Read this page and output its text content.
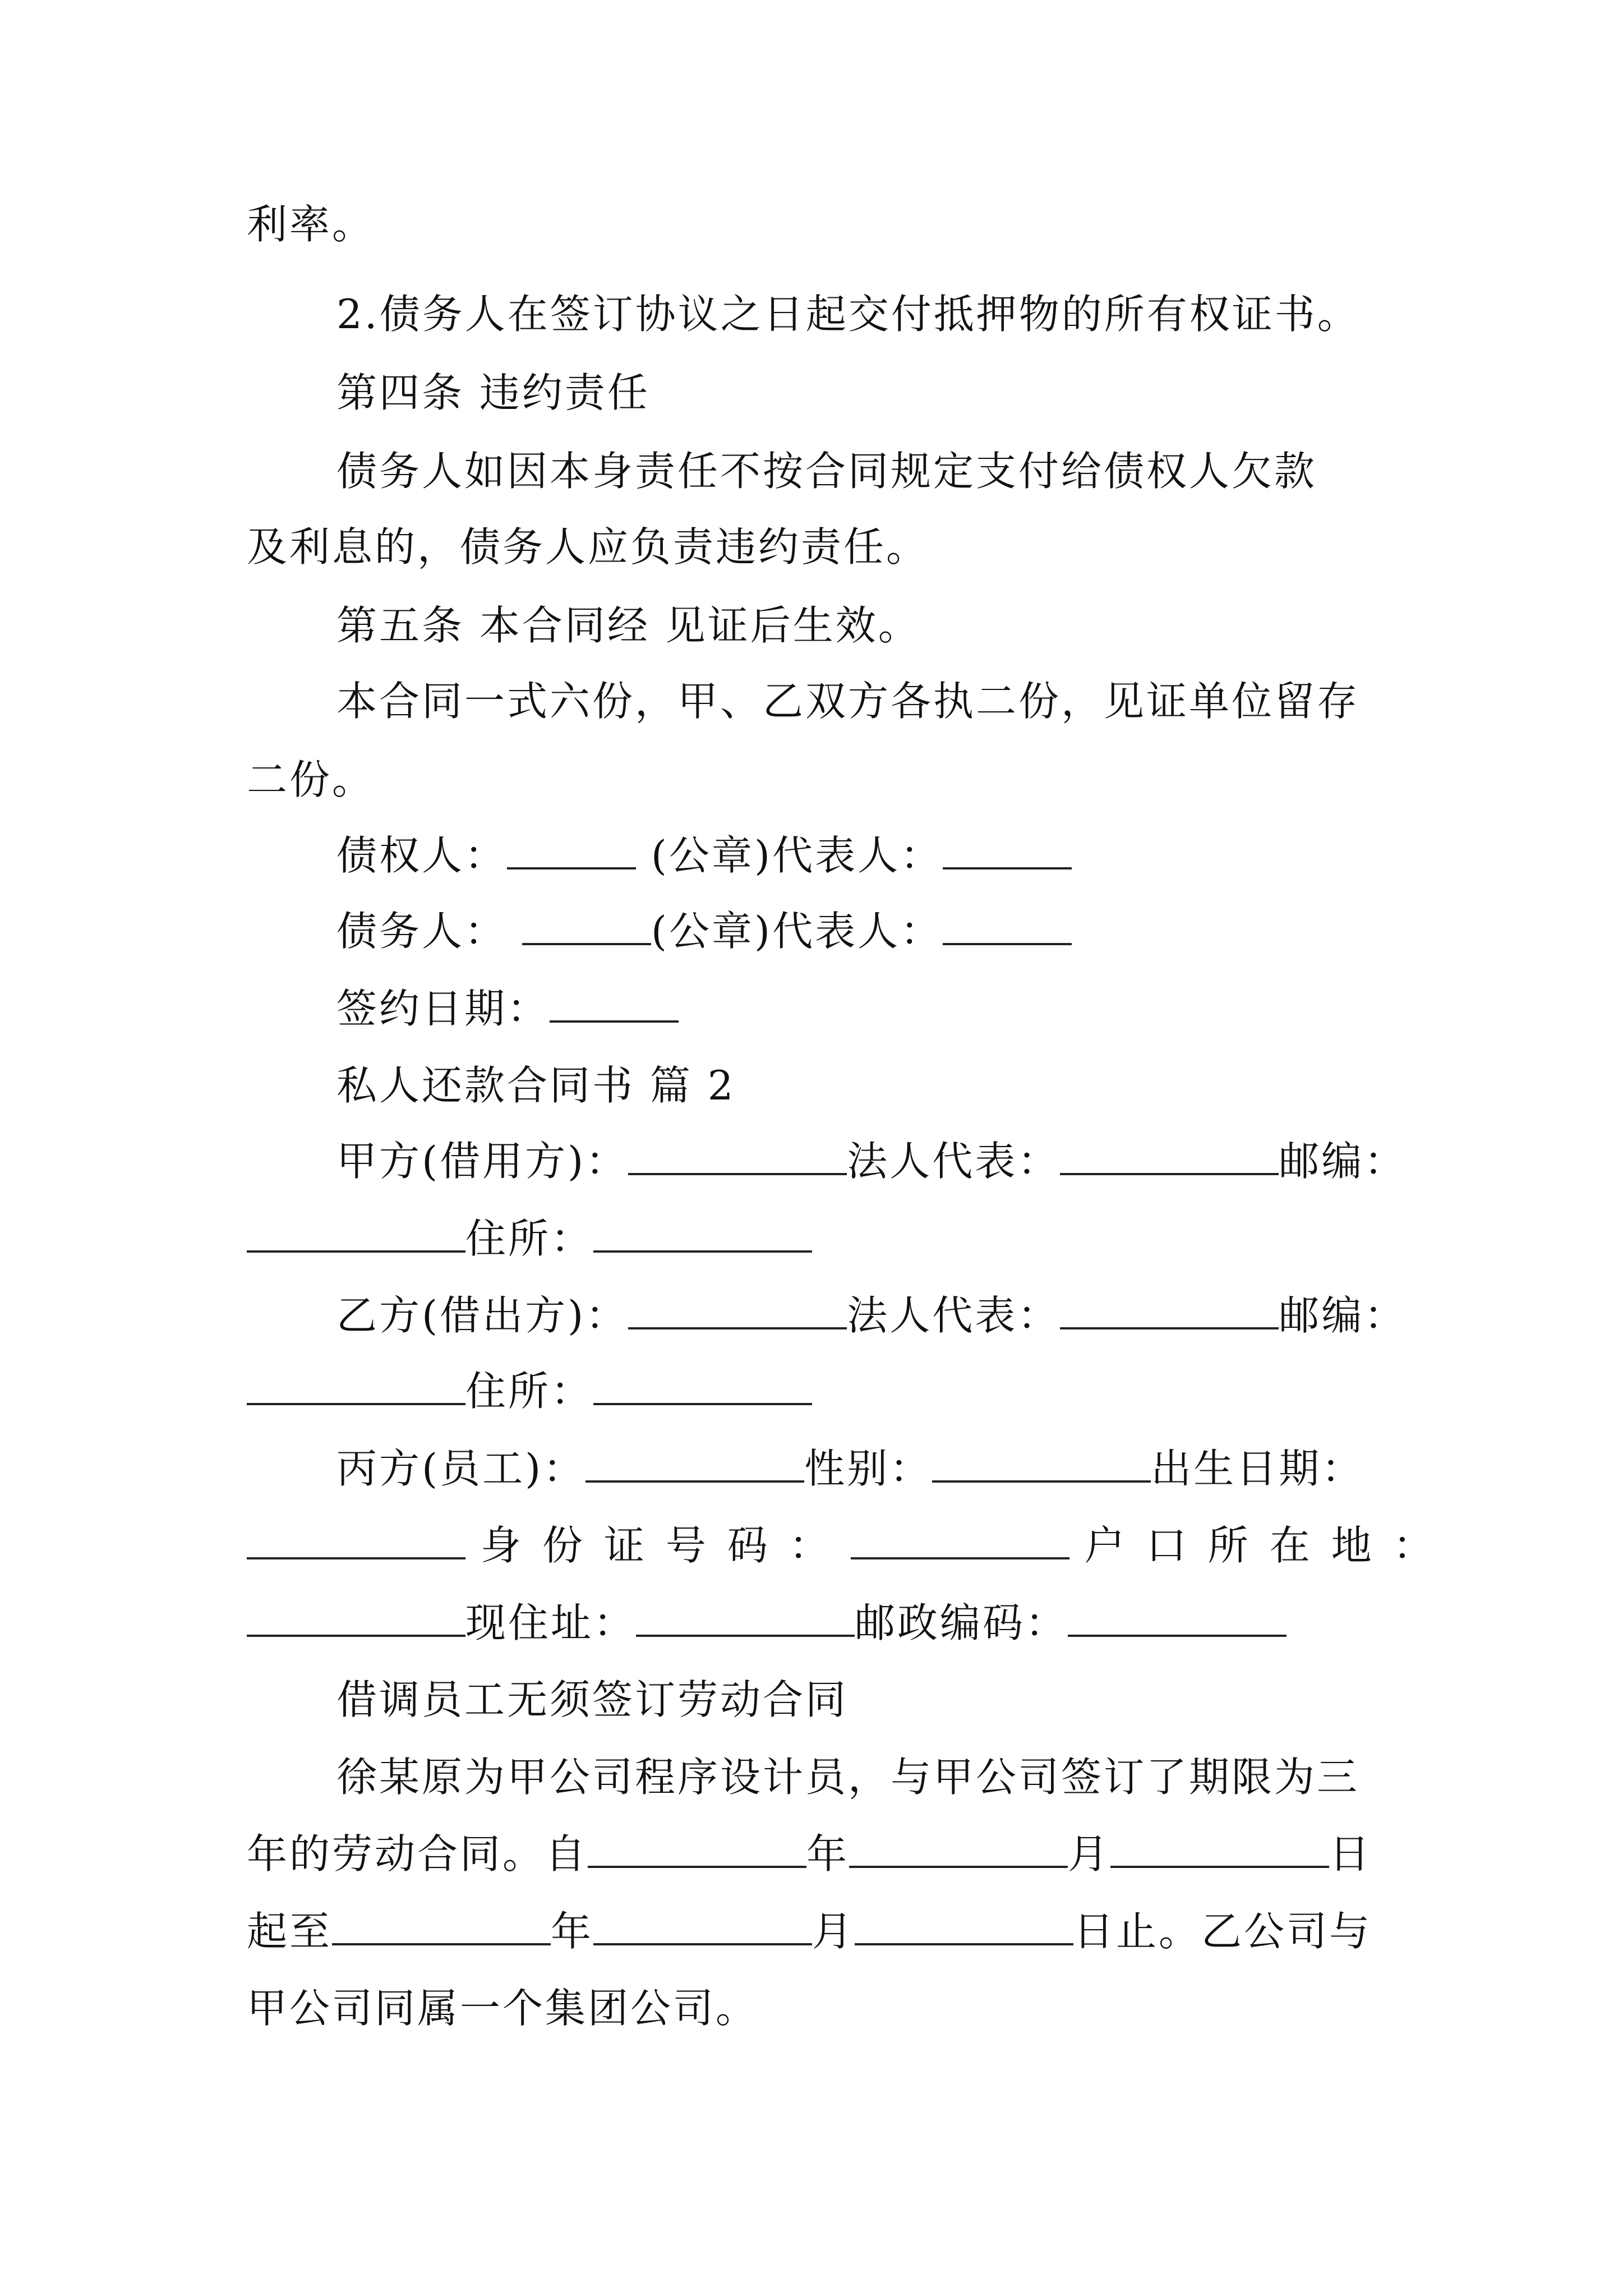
利率。
2.债务人在签订协议之日起交付抵押物的所有权证书。
第四条 违约责任
债务人如因本身责任不按合同规定支付给债权人欠款
及利息的，债务人应负责违约责任。
第五条 本合同经 见证后生效。
本合同一式六份，甲、乙双方各执二份，见证单位留存
二份。
债权人：	(公章)代表人：
债务人：	(公章)代表人：
签约日期：
私人还款合同书 篇 2
甲方(借用方)：	法人代表：	邮编：
住所：
乙方(借出方)：	法人代表：	邮编：
住所：
丙方(员工)：	性别：	出生日期：
身份证号码：	户口所在地：
现住址：	邮政编码：
借调员工无须签订劳动合同
徐某原为甲公司程序设计员，与甲公司签订了期限为三
年的劳动合同。自	年	月	日
起至	年	月	日止。乙公司与
甲公司同属一个集团公司。
